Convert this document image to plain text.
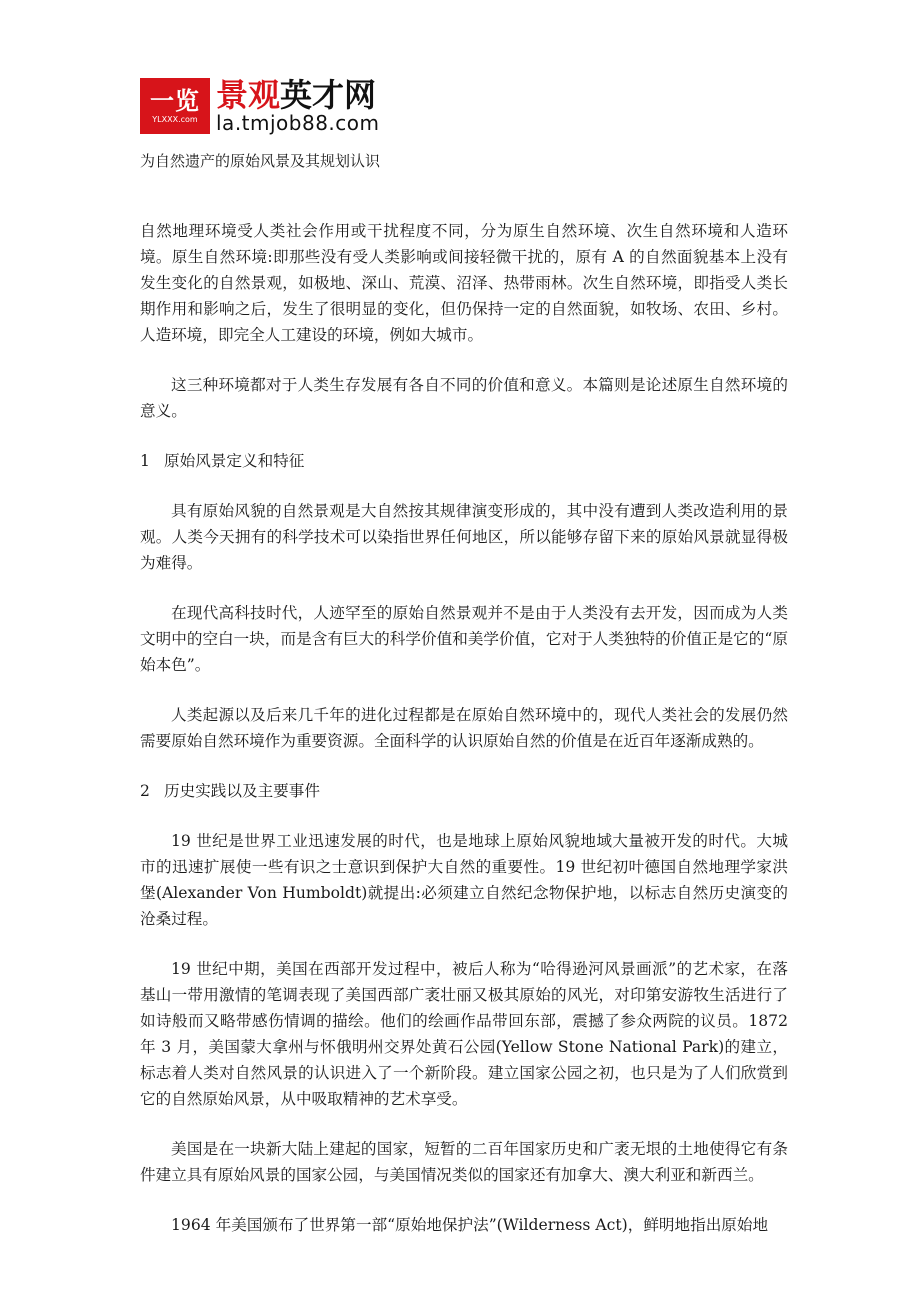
一览
YLXXX.com
景观 英才网
la.tmjob88.com
为自然遗产的原始风景及其规划认识

自然地理环境受人类社会作用或干扰程度不同，分为原生自然环境、次生自然环境和人造环境。原生自然环境:即那些没有受人类影响或间接轻微干扰的，原有 A 的自然面貌基本上没有发生变化的自然景观，如极地、深山、荒漠、沼泽、热带雨林。次生自然环境，即指受人类长期作用和影响之后，发生了很明显的变化，但仍保持一定的自然面貌，如牧场、农田、乡村。人造环境，即完全人工建设的环境，例如大城市。

这三种环境都对于人类生存发展有各自不同的价值和意义。本篇则是论述原生自然环境的意义。

1 原始风景定义和特征

具有原始风貌的自然景观是大自然按其规律演变形成的，其中没有遭到人类改造利用的景观。人类今天拥有的科学技术可以染指世界任何地区，所以能够存留下来的原始风景就显得极为难得。

在现代高科技时代，人迹罕至的原始自然景观并不是由于人类没有去开发，因而成为人类文明中的空白一块，而是含有巨大的科学价值和美学价值，它对于人类独特的价值正是它的“原始本色”。

人类起源以及后来几千年的进化过程都是在原始自然环境中的，现代人类社会的发展仍然需要原始自然环境作为重要资源。全面科学的认识原始自然的价值是在近百年逐渐成熟的。

2 历史实践以及主要事件

19 世纪是世界工业迅速发展的时代，也是地球上原始风貌地域大量被开发的时代。大城市的迅速扩展使一些有识之士意识到保护大自然的重要性。19 世纪初叶德国自然地理学家洪堡(Alexander Von Humboldt)就提出:必须建立自然纪念物保护地，以标志自然历史演变的沧桑过程。

19 世纪中期，美国在西部开发过程中，被后人称为“哈得逊河风景画派”的艺术家，在落基山一带用激情的笔调表现了美国西部广袤壮丽又极其原始的风光，对印第安游牧生活进行了如诗般而又略带感伤情调的描绘。他们的绘画作品带回东部，震撼了参众两院的议员。1872 年 3 月，美国蒙大拿州与怀俄明州交界处黄石公园(Yellow Stone National Park)的建立，标志着人类对自然风景的认识进入了一个新阶段。建立国家公园之初，也只是为了人们欣赏到它的自然原始风景，从中吸取精神的艺术享受。

美国是在一块新大陆上建起的国家，短暂的二百年国家历史和广袤无垠的土地使得它有条件建立具有原始风景的国家公园，与美国情况类似的国家还有加拿大、澳大利亚和新西兰。

1964 年美国颁布了世界第一部“原始地保护法”(Wilderness Act)，鲜明地指出原始地
